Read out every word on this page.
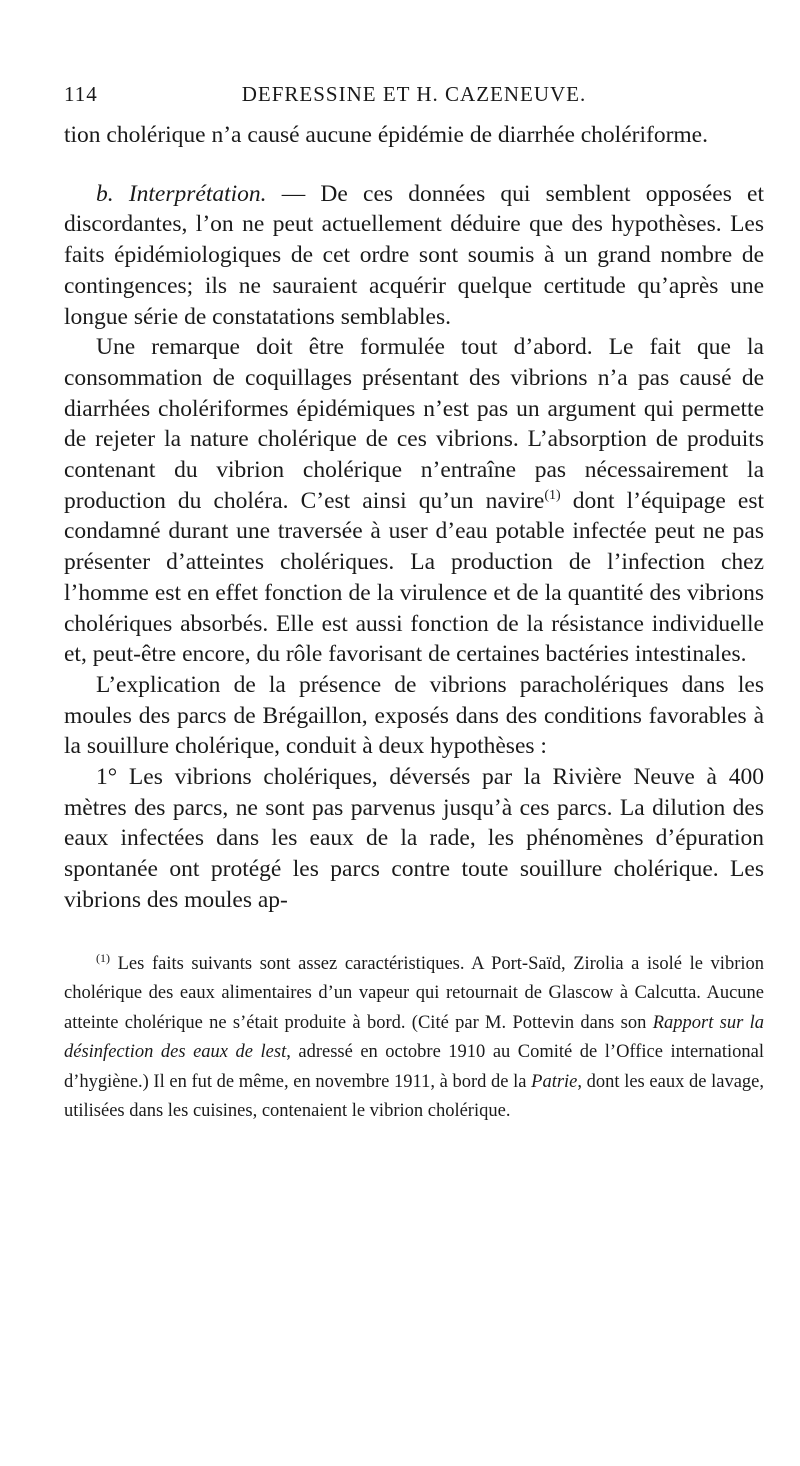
114	DEFRESSINE ET H. CAZENEUVE.

tion cholérique n’a causé aucune épidémie de diarrhée cholériforme.

b. Interprétation. — De ces données qui semblent opposées et discordantes, l’on ne peut actuellement déduire que des hypothèses. Les faits épidémiologiques de cet ordre sont soumis à un grand nombre de contingences; ils ne sauraient acquérir quelque certitude qu’après une longue série de constatations semblables.

Une remarque doit être formulée tout d’abord. Le fait que la consommation de coquillages présentant des vibrions n’a pas causé de diarrhées cholériformes épidémiques n’est pas un argument qui permette de rejeter la nature cholérique de ces vibrions. L’absorption de produits contenant du vibrion cholérique n’entraîne pas nécessairement la production du choléra. C’est ainsi qu’un navire$^{(1)}$ dont l’équipage est condamné durant une traversée à user d’eau potable infectée peut ne pas présenter d’atteintes cholériques. La production de l’infection chez l’homme est en effet fonction de la virulence et de la quantité des vibrions cholériques absorbés. Elle est aussi fonction de la résistance individuelle et, peut-être encore, du rôle favorisant de certaines bactéries intestinales.

L’explication de la présence de vibrions paracholériques dans les moules des parcs de Brégaillon, exposés dans des conditions favorables à la souillure cholérique, conduit à deux hypothèses :

1° Les vibrions cholériques, déversés par la Rivière Neuve à 400 mètres des parcs, ne sont pas parvenus jusqu’à ces parcs. La dilution des eaux infectées dans les eaux de la rade, les phénomènes d’épuration spontanée ont protégé les parcs contre toute souillure cholérique. Les vibrions des moules ap-

$^{(1)}$ Les faits suivants sont assez caractéristiques. A Port-Saïd, Zirolia a isolé le vibrion cholérique des eaux alimentaires d’un vapeur qui retournait de Glascow à Calcutta. Aucune atteinte cholérique ne s’était produite à bord. (Cité par M. Pottevin dans son Rapport sur la désinfection des eaux de lest, adressé en octobre 1910 au Comité de l’Office international d’hygiène.) Il en fut de même, en novembre 1911, à bord de la Patrie, dont les eaux de lavage, utilisées dans les cuisines, contenaient le vibrion cholérique.
